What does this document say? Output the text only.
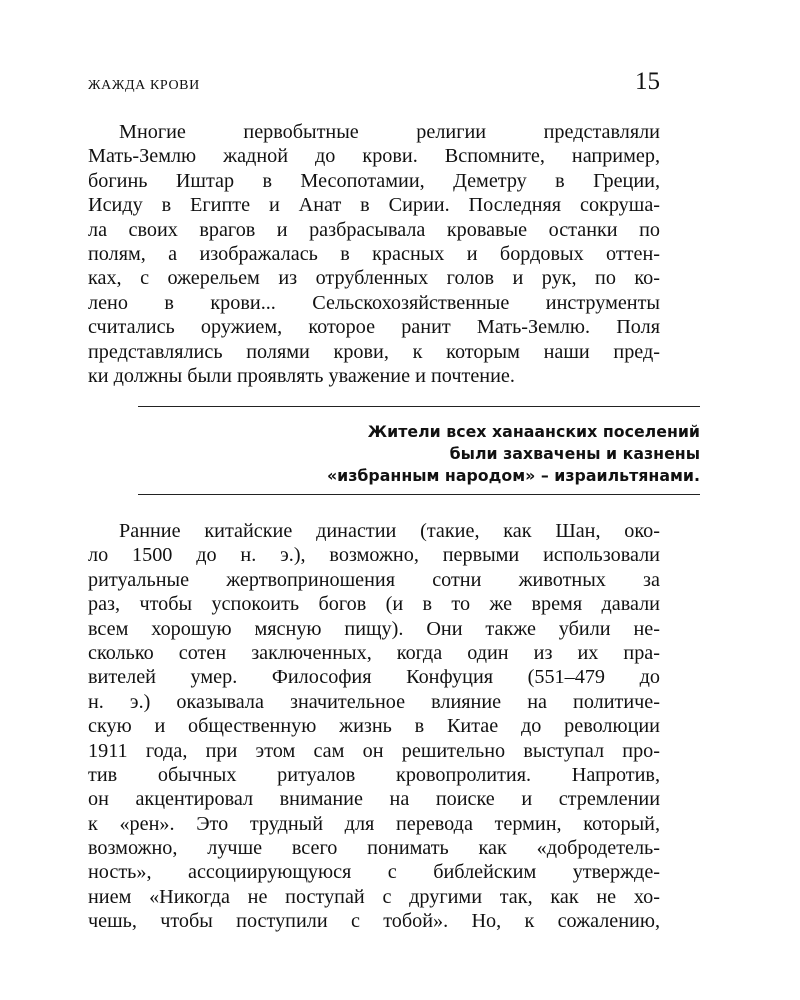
ЖАЖДА КРОВИ	15
Многие первобытные религии представляли
Мать-Землю жадной до крови. Вспомните, например,
богинь Иштар в Месопотамии, Деметру в Греции,
Исиду в Египте и Анат в Сирии. Последняя сокруша-
ла своих врагов и разбрасывала кровавые останки по
полям, а изображалась в красных и бордовых оттен-
ках, с ожерельем из отрубленных голов и рук, по ко-
лено в крови... Сельскохозяйственные инструменты
считались оружием, которое ранит Мать-Землю. Поля
представлялись полями крови, к которым наши пред-
ки должны были проявлять уважение и почтение.
Жители всех ханаанских поселений
были захвачены и казнены
«избранным народом» – израильтянами.
Ранние китайские династии (такие, как Шан, око-
ло 1500 до н. э.), возможно, первыми использовали
ритуальные жертвоприношения сотни животных за
раз, чтобы успокоить богов (и в то же время давали
всем хорошую мясную пищу). Они также убили не-
сколько сотен заключенных, когда один из их пра-
вителей умер. Философия Конфуция (551–479 до
н. э.) оказывала значительное влияние на политиче-
скую и общественную жизнь в Китае до революции
1911 года, при этом сам он решительно выступал про-
тив обычных ритуалов кровопролития. Напротив,
он акцентировал внимание на поиске и стремлении
к «рен». Это трудный для перевода термин, который,
возможно, лучше всего понимать как «добродетель-
ность», ассоциирующуюся с библейским утвержде-
нием «Никогда не поступай с другими так, как не хо-
чешь, чтобы поступили с тобой». Но, к сожалению,
